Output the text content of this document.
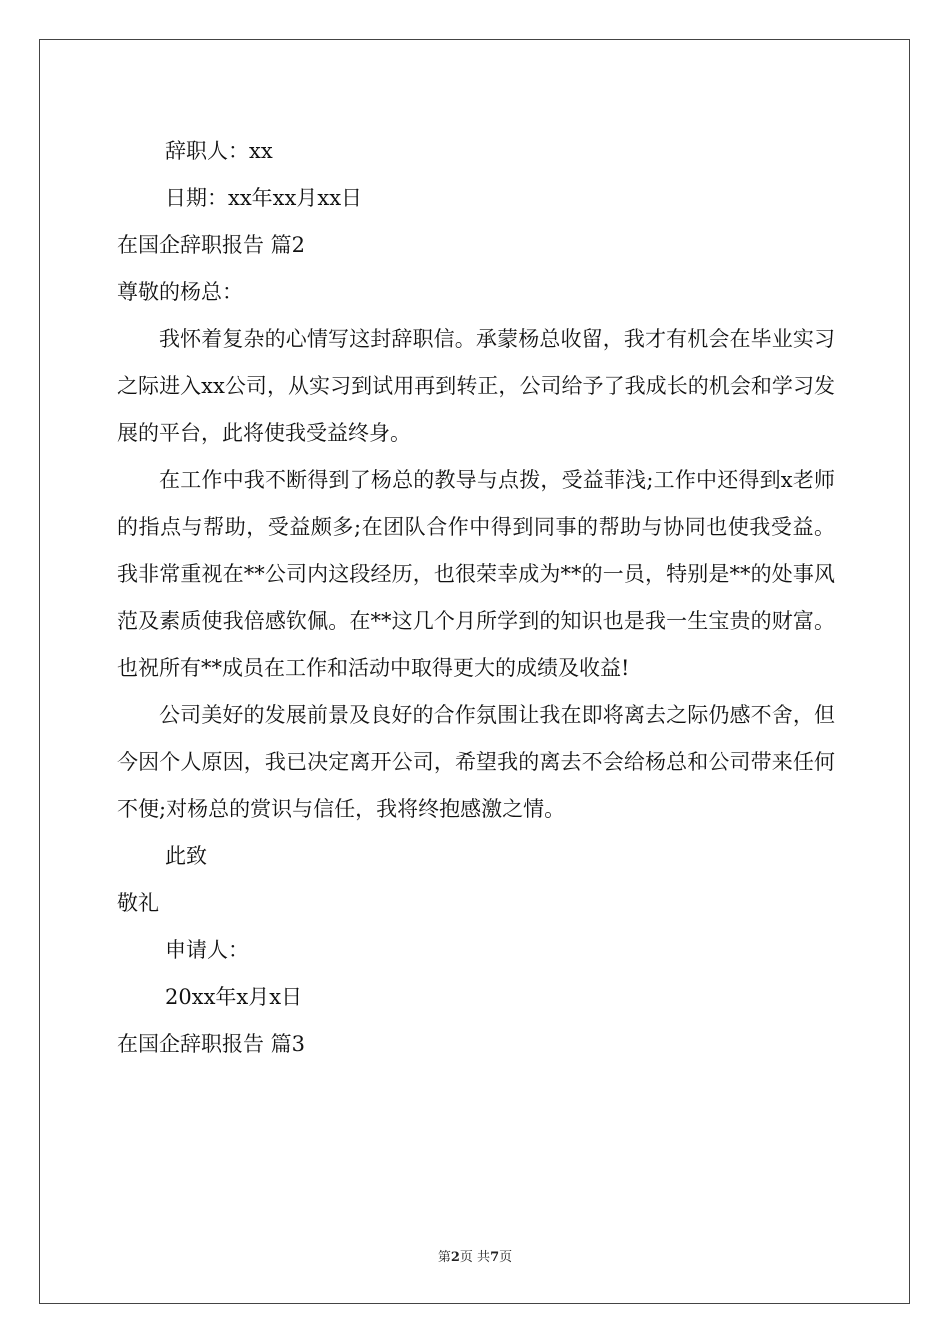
辞职人：xx

日期：xx年xx月xx日

在国企辞职报告 篇2

尊敬的杨总：

我怀着复杂的心情写这封辞职信。承蒙杨总收留，我才有机会在毕业实习之际进入xx公司，从实习到试用再到转正，公司给予了我成长的机会和学习发展的平台，此将使我受益终身。

在工作中我不断得到了杨总的教导与点拨，受益菲浅;工作中还得到x老师的指点与帮助，受益颇多;在团队合作中得到同事的帮助与协同也使我受益。我非常重视在**公司内这段经历，也很荣幸成为**的一员，特别是**的处事风范及素质使我倍感钦佩。在**这几个月所学到的知识也是我一生宝贵的财富。也祝所有**成员在工作和活动中取得更大的成绩及收益!

公司美好的发展前景及良好的合作氛围让我在即将离去之际仍感不舍，但今因个人原因，我已决定离开公司，希望我的离去不会给杨总和公司带来任何不便;对杨总的赏识与信任，我将终抱感激之情。

此致

敬礼

申请人：

20xx年x月x日

在国企辞职报告 篇3

第2页 共7页
